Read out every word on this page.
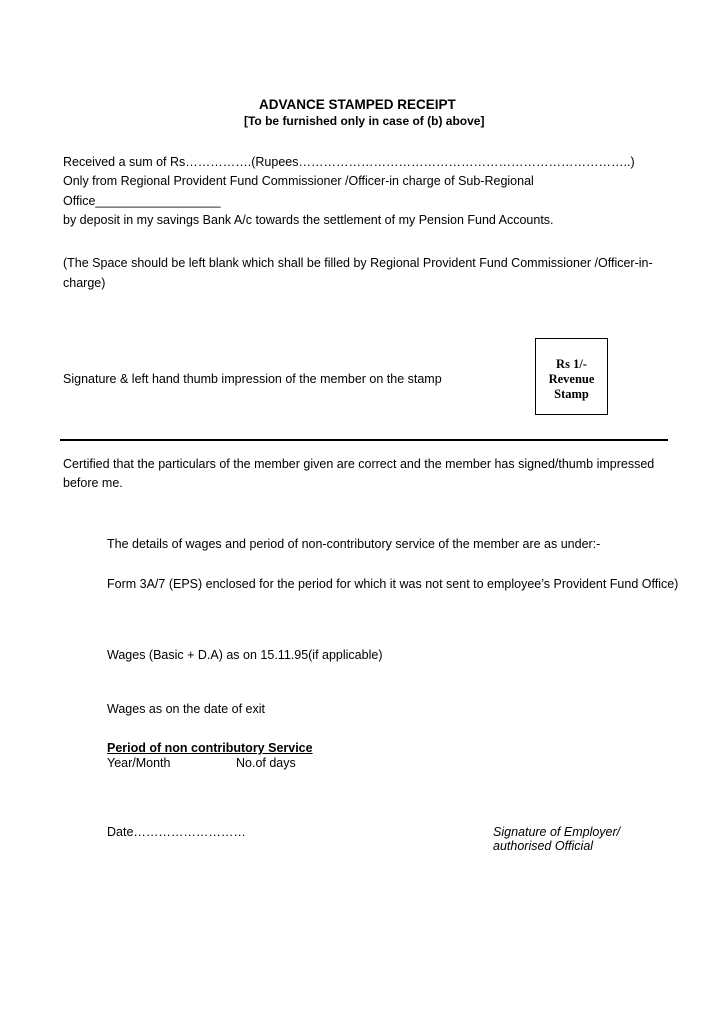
ADVANCE STAMPED RECEIPT
[To be furnished only in case of (b) above]
Received a sum of Rs…………….(Rupees……………………………………………………………………..)
Only from Regional Provident Fund Commissioner /Officer-in charge of Sub-Regional
Office__________________
by deposit in my savings Bank A/c towards the settlement of my Pension Fund Accounts.
(The Space should be left blank which shall be filled by Regional Provident Fund Commissioner /Officer-in-
charge)
Signature & left hand thumb impression of the member on the stamp
Rs 1/-
Revenue
Stamp
Certified that the particulars of the member given are correct and the member has signed/thumb impressed
before me.
The details of wages and period of non-contributory service of the member are as under:-
Form 3A/7 (EPS) enclosed for the period for which it was not sent to employee’s Provident Fund Office)
Wages (Basic + D.A) as on 15.11.95(if applicable)
Wages as on the date of exit
Period of non contributory Service
Year/Month	No.of days
Date………………………	Signature of Employer/
authorised Official
